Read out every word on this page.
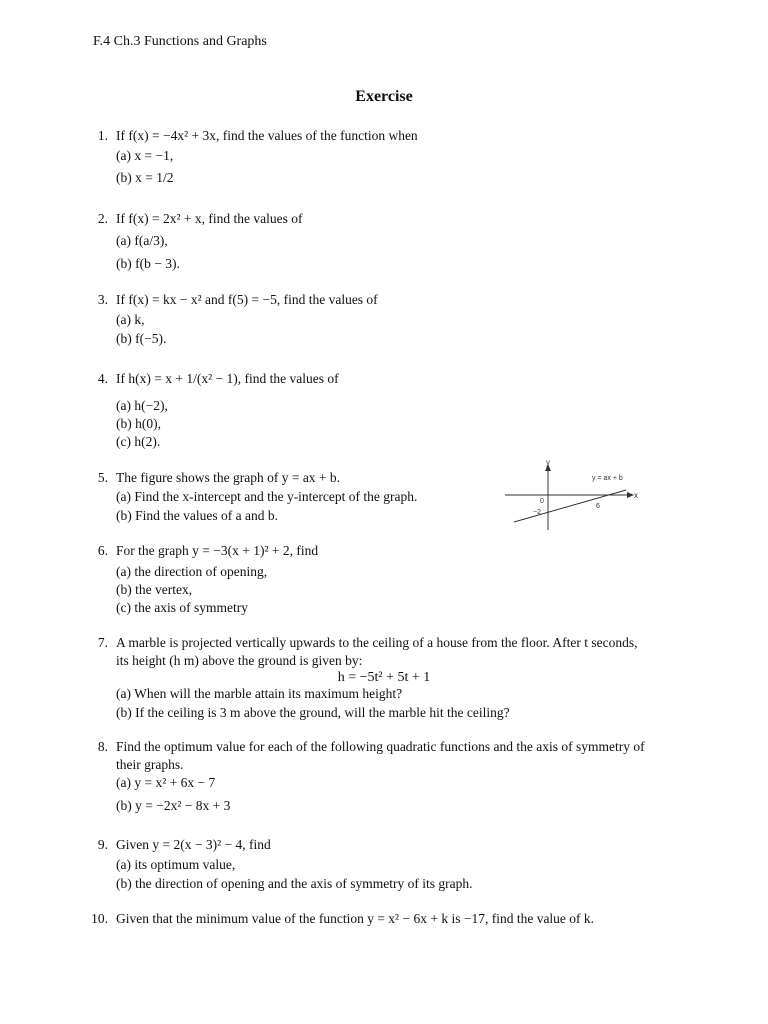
F.4 Ch.3 Functions and Graphs
Exercise
1. If f(x) = −4x² + 3x, find the values of the function when
(a) x = −1,
(b) x = 1/2
2. If f(x) = 2x² + x, find the values of
(a) f(a/3),
(b) f(b − 3).
3. If f(x) = kx − x² and f(5) = −5, find the values of
(a) k,
(b) f(−5).
4. If h(x) = x + 1/(x² − 1), find the values of
(a) h(−2),
(b) h(0),
(c) h(2).
5. The figure shows the graph of y = ax + b.
(a) Find the x-intercept and the y-intercept of the graph.
(b) Find the values of a and b.
x
y
0
y = ax + b
6
−2
6. For the graph y = −3(x + 1)² + 2, find
(a) the direction of opening,
(b) the vertex,
(c) the axis of symmetry
7. A marble is projected vertically upwards to the ceiling of a house from the floor. After t seconds,
its height (h m) above the ground is given by:
h = −5t² + 5t + 1
(a) When will the marble attain its maximum height?
(b) If the ceiling is 3 m above the ground, will the marble hit the ceiling?
8. Find the optimum value for each of the following quadratic functions and the axis of symmetry of
their graphs.
(a) y = x² + 6x − 7
(b) y = −2x² − 8x + 3
9. Given y = 2(x − 3)² − 4, find
(a) its optimum value,
(b) the direction of opening and the axis of symmetry of its graph.
10. Given that the minimum value of the function y = x² − 6x + k is −17, find the value of k.
